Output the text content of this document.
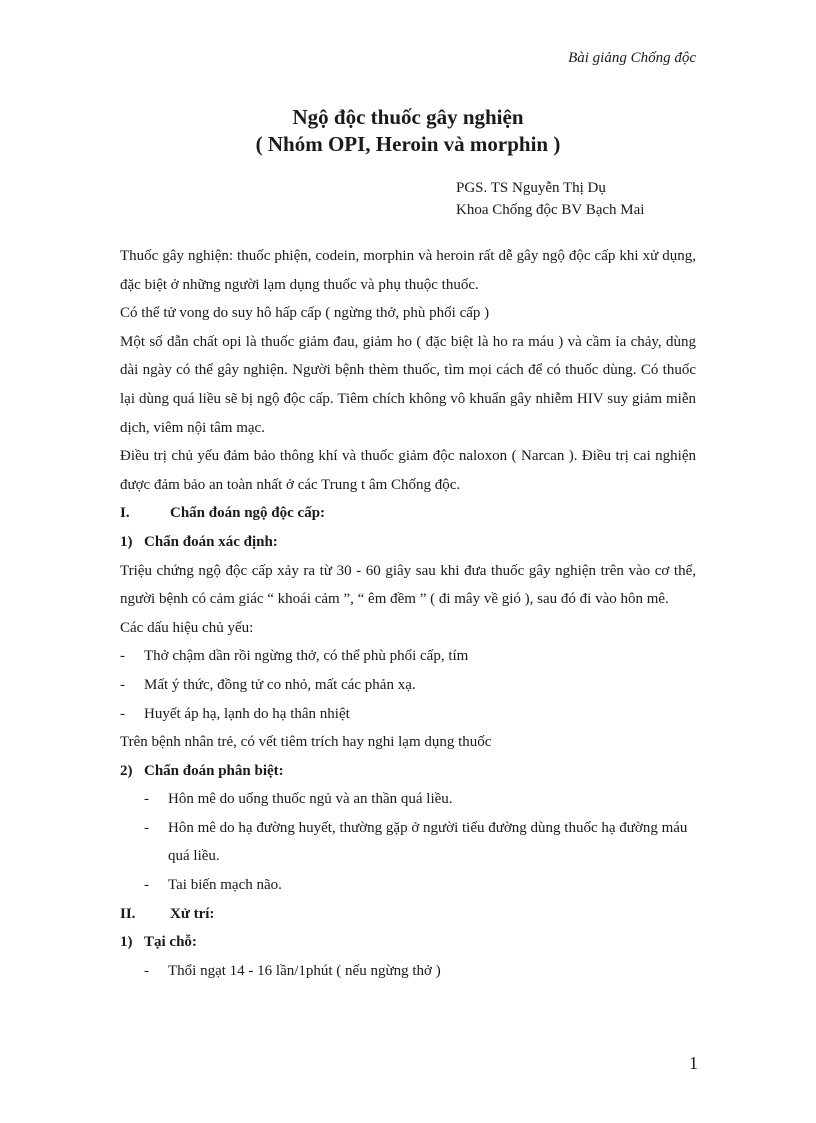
Bài giảng Chống độc
Ngộ độc thuốc gây nghiện
( Nhóm OPI, Heroin và morphin )
PGS. TS Nguyễn Thị Dụ
Khoa Chống độc BV Bạch Mai

Thuốc gây nghiện: thuốc phiện, codein, morphin và heroin rất dễ gây ngộ độc cấp khi xử dụng, đặc biệt ở những người lạm dụng thuốc và phụ thuộc thuốc.

Có thể tử vong do suy hô hấp cấp ( ngừng thở, phù phổi cấp )

Một số dẫn chất opi là thuốc giảm đau, giảm ho ( đặc biệt là ho ra máu ) và cầm ỉa chảy, dùng dài ngày có thể gây nghiện. Người bệnh thèm thuốc, tìm mọi cách để có thuốc dùng. Có thuốc lại dùng quá liều sẽ bị ngộ độc cấp. Tiêm chích không vô khuẩn gây nhiễm HIV suy giảm miễn dịch, viêm nội tâm mạc.

Điều trị chủ yếu đảm bảo thông khí và thuốc giảm độc naloxon ( Narcan ). Điều trị cai nghiện được đảm bảo an toàn nhất ở các Trung t âm Chống độc.

I.	Chẩn đoán ngộ độc cấp:
1) Chẩn đoán xác định:

Triệu chứng ngộ độc cấp xảy ra từ 30 - 60 giây sau khi đưa thuốc gây nghiện trên vào cơ thể, người bệnh có cảm giác “ khoái cảm ”, “ êm đềm ” ( đi mây về gió ), sau đó đi vào hôn mê.

Các dấu hiệu chủ yếu:

-	Thở chậm dần rồi ngừng thở, có thể phù phổi cấp, tím
-	Mất ý thức, đồng tử co nhỏ, mất các phản xạ.
-	Huyết áp hạ, lạnh do hạ thân nhiệt

Trên bệnh nhân trẻ, có vết tiêm trích hay nghi lạm dụng thuốc

2) Chẩn đoán phân biệt:
-	Hôn mê do uống thuốc ngủ và an thần quá liều.
-	Hôn mê do hạ đường huyết, thường gặp ở người tiểu đường dùng thuốc hạ đường máu quá liều.
-	Tai biến mạch não.
II.	Xử trí:
1) Tại chỗ:
-	Thổi ngạt 14 - 16 lần/1phút ( nếu ngừng thở )
1
